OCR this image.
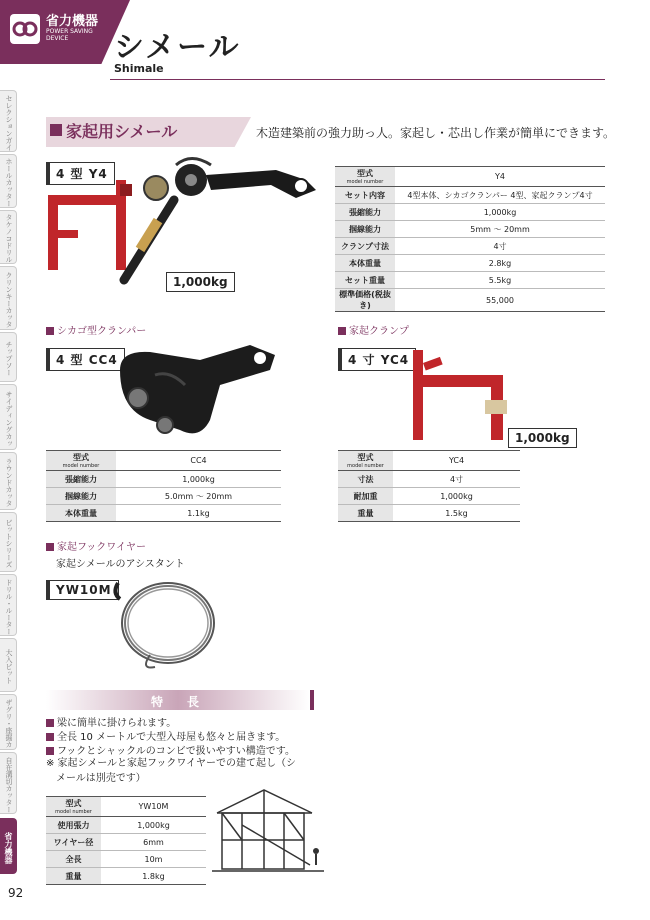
省力機器
POWER SAVING
DEVICE	シメール
Shimale
セレクションガイ
ホールカッター
タケノコドリル
クリンキーカッタ
チップソー
サイディングカッ
ラウンドカッタ
ビットシリーズ
ドリル・ルーター
大入ビット
ザグリ・座掘カ
自在溝切カッター
省力機器
92
家起用シメール	木造建築前の強力助っ人。家起し・芯出し作業が簡単にできます。
4 型 Y4
1,000kg
型式
model number	Y4
セット内容	4型本体、シカゴクランパー 4型、家起クランプ4寸
張縮能力	1,000kg
掴線能力	5mm ～ 20mm
クランプ寸法	4寸
本体重量	2.8kg
セット重量	5.5kg
標準価格(税抜き)	55,000
シカゴ型クランパー
4 型 CC4
型式
model number	CC4
張縮能力	1,000kg
掴線能力	5.0mm ～ 20mm
本体重量	1.1kg
家起クランプ
4 寸 YC4
1,000kg
型式
model number	YC4
寸法	4寸
耐加重	1,000kg
重量	1.5kg
家起フックワイヤー
家起シメールのアシスタント
YW10M
特　長
梁に簡単に掛けられます。
全長 10 メートルで大型入母屋も悠々と届きます。
フックとシャックルのコンビで扱いやすい構造です。
※ 家起シメールと家起フックワイヤーでの建て起し（シ
　メールは別売です）
型式
model number	YW10M
使用張力	1,000kg
ワイヤー径	6mm
全長	10m
重量	1.8kg
